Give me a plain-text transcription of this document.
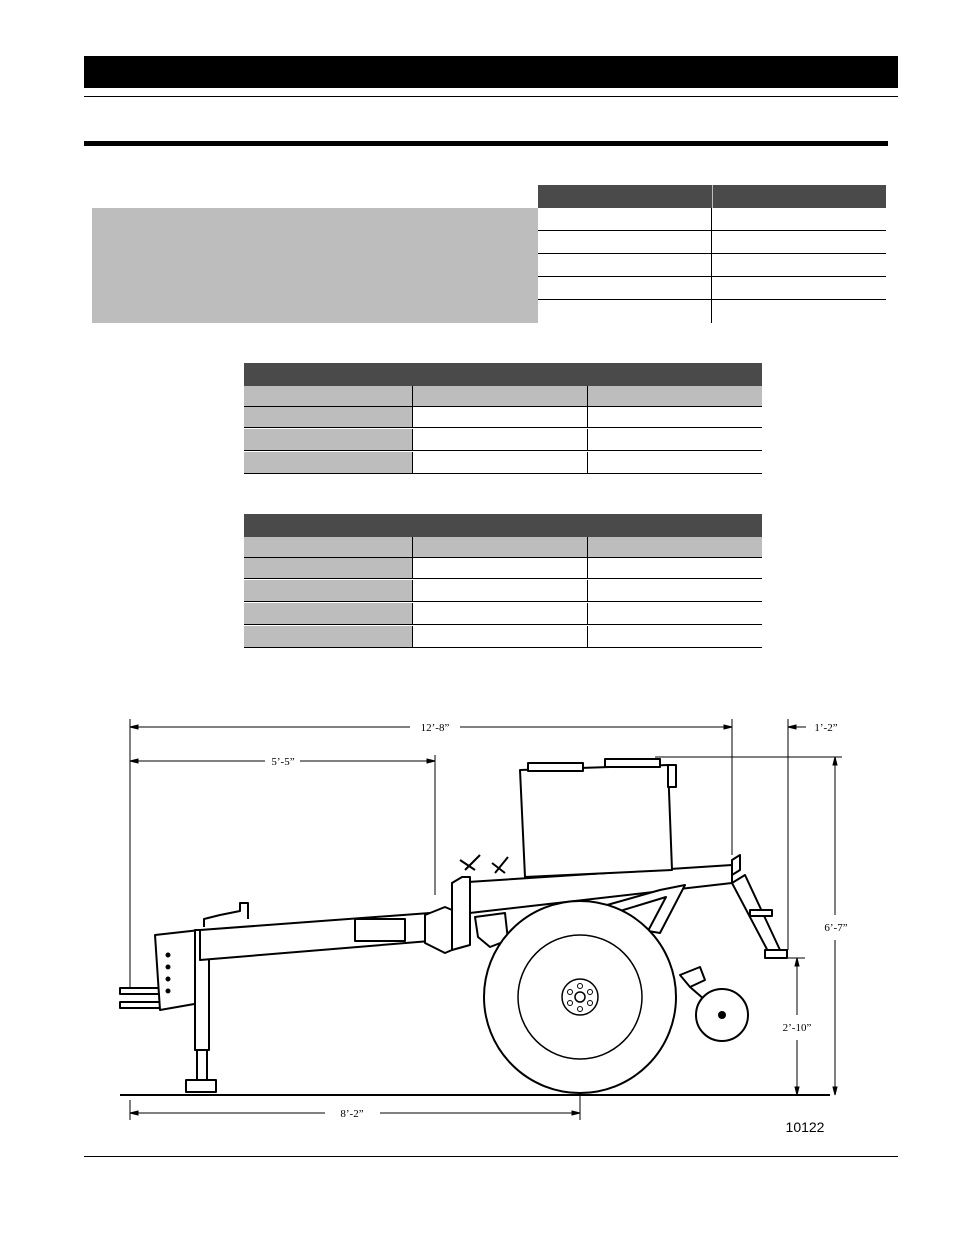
12’-8”
5’-5”
1’-2”
6’-7”
2’-10”
8’-2”
10122
